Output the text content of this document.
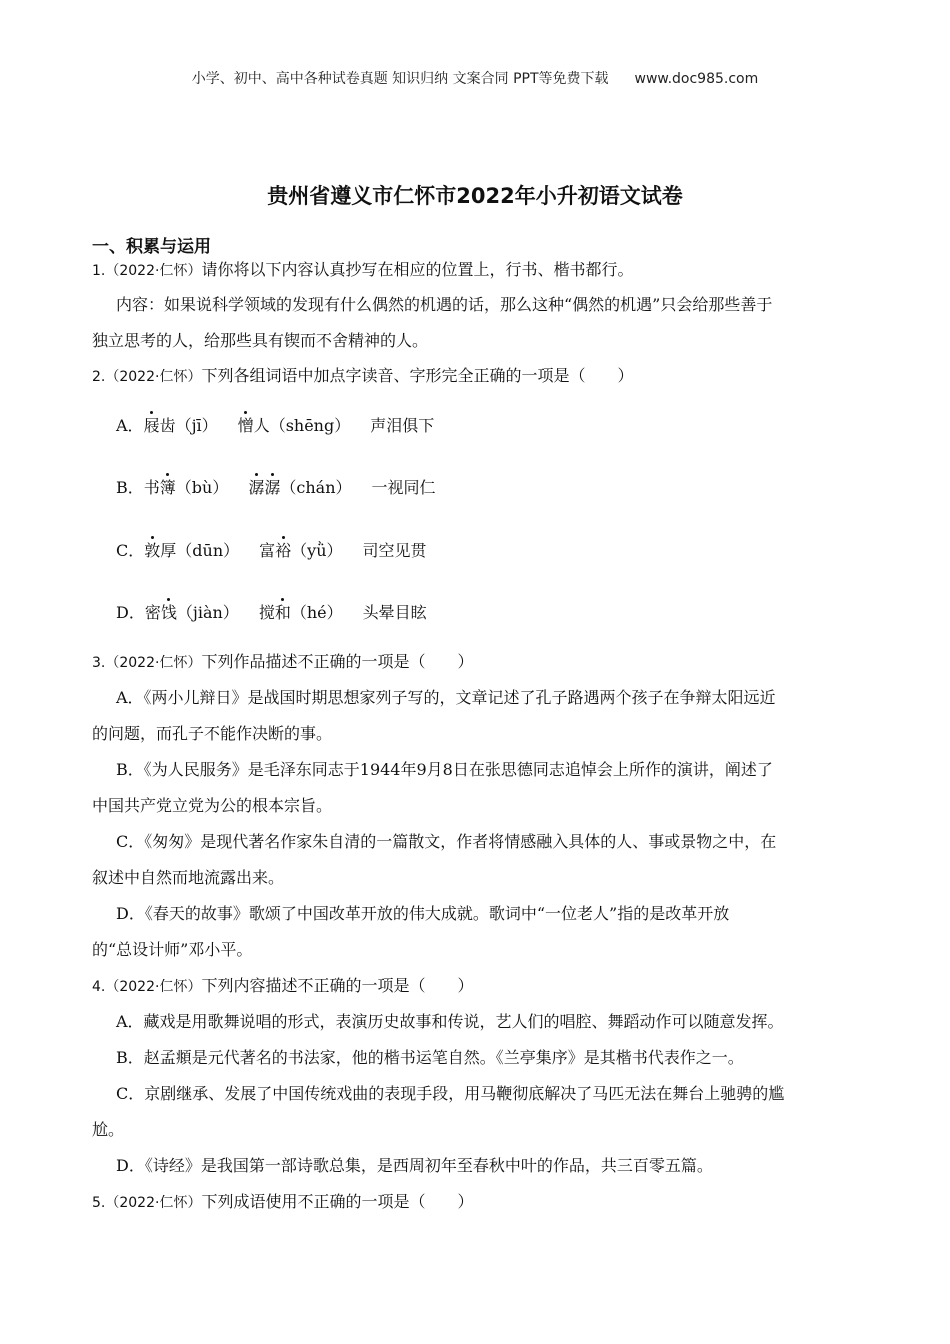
小学、初中、高中各种试卷真题 知识归纳 文案合同 PPT等免费下载 www.doc985.com
贵州省遵义市仁怀市2022年小升初语文试卷
一、积累与运用
1.（2022·仁怀）请你将以下内容认真抄写在相应的位置上，行书、楷书都行。
内容：如果说科学领域的发现有什么偶然的机遇的话，那么这种“偶然的机遇”只会给那些善于
独立思考的人，给那些具有锲而不舍精神的人。
2.（2022·仁怀）下列各组词语中加点字读音、字形完全正确的一项是（　　）
A．屐齿（jī） 憎人（shēng） 声泪俱下
B．书簿（bù） 潺潺（chán） 一视同仁
C．敦厚（dūn） 富裕（yǜ） 司空见贯
D．密饯（jiàn） 搅和（hé） 头晕目眩
3.（2022·仁怀）下列作品描述不正确的一项是（　　）
A．《两小儿辩日》是战国时期思想家列子写的，文章记述了孔子路遇两个孩子在争辩太阳远近
的问题，而孔子不能作决断的事。
B．《为人民服务》是毛泽东同志于1944年9月8日在张思德同志追悼会上所作的演讲，阐述了
中国共产党立党为公的根本宗旨。
C．《匆匆》是现代著名作家朱自清的一篇散文，作者将情感融入具体的人、事或景物之中，在
叙述中自然而地流露出来。
D．《春天的故事》歌颂了中国改革开放的伟大成就。歌词中“一位老人”指的是改革开放
的“总设计师”邓小平。
4.（2022·仁怀）下列内容描述不正确的一项是（　　）
A．藏戏是用歌舞说唱的形式，表演历史故事和传说，艺人们的唱腔、舞蹈动作可以随意发挥。
B．赵孟頫是元代著名的书法家，他的楷书运笔自然。《兰亭集序》是其楷书代表作之一。
C．京剧继承、发展了中国传统戏曲的表现手段，用马鞭彻底解决了马匹无法在舞台上驰骋的尴
尬。
D．《诗经》是我国第一部诗歌总集，是西周初年至春秋中叶的作品，共三百零五篇。
5.（2022·仁怀）下列成语使用不正确的一项是（　　）
